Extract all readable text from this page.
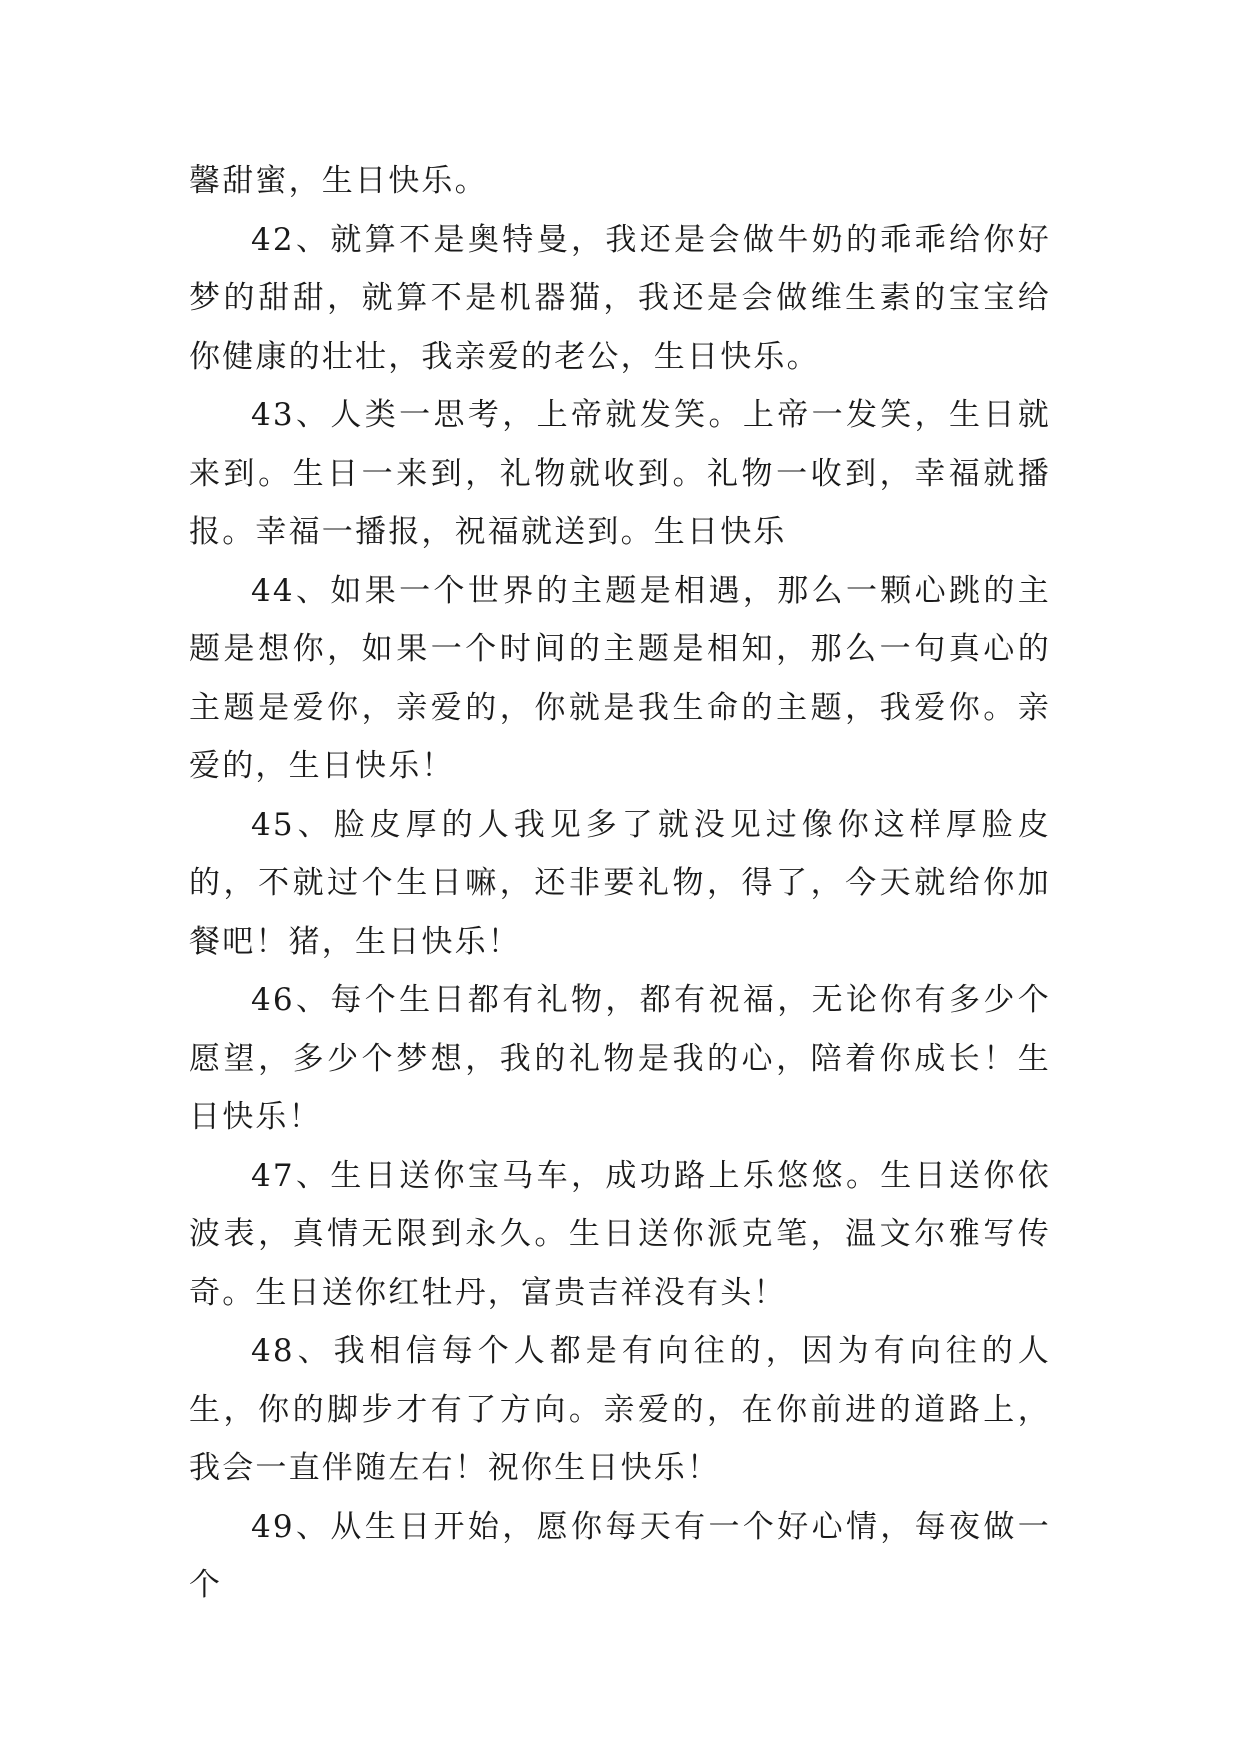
馨甜蜜，生日快乐。

42、就算不是奥特曼，我还是会做牛奶的乖乖给你好梦的甜甜，就算不是机器猫，我还是会做维生素的宝宝给你健康的壮壮，我亲爱的老公，生日快乐。

43、人类一思考，上帝就发笑。上帝一发笑，生日就来到。生日一来到，礼物就收到。礼物一收到，幸福就播报。幸福一播报，祝福就送到。生日快乐

44、如果一个世界的主题是相遇，那么一颗心跳的主题是想你，如果一个时间的主题是相知，那么一句真心的主题是爱你，亲爱的，你就是我生命的主题，我爱你。亲爱的，生日快乐！

45、脸皮厚的人我见多了就没见过像你这样厚脸皮的，不就过个生日嘛，还非要礼物，得了，今天就给你加餐吧！猪，生日快乐！

46、每个生日都有礼物，都有祝福，无论你有多少个愿望，多少个梦想，我的礼物是我的心，陪着你成长！生日快乐！

47、生日送你宝马车，成功路上乐悠悠。生日送你依波表，真情无限到永久。生日送你派克笔，温文尔雅写传奇。生日送你红牡丹，富贵吉祥没有头！

48、我相信每个人都是有向往的，因为有向往的人生，你的脚步才有了方向。亲爱的，在你前进的道路上，我会一直伴随左右！祝你生日快乐！

49、从生日开始，愿你每天有一个好心情，每夜做一个
